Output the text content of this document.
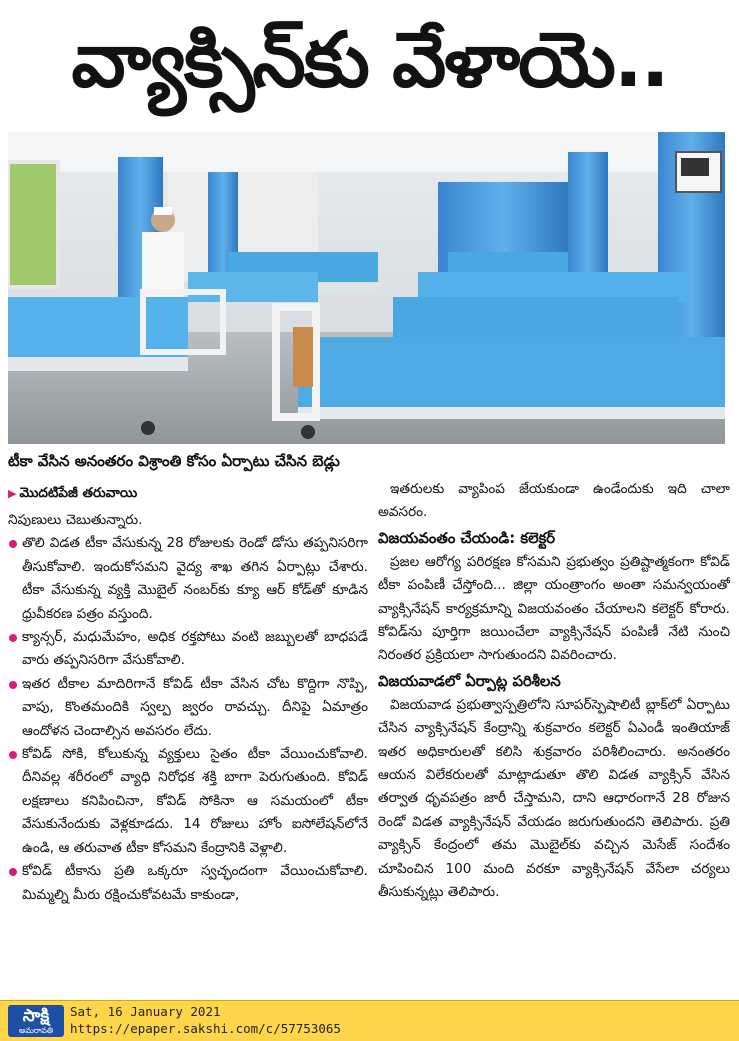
వ్యాక్సిన్‌కు వేళాయె..
టీకా వేసిన అనంతరం విశ్రాంతి కోసం ఏర్పాటు చేసిన బెడ్లు
▶ మొదటిపేజీ తరువాయి
నిపుణులు చెబుతున్నారు.
తొలి విడత టీకా వేసుకున్న 28 రోజులకు రెండో డోసు తప్పనిసరిగా తీసుకోవాలి. ఇందుకోసమని వైద్య శాఖ తగిన ఏర్పాట్లు చేశారు. టీకా వేసుకున్న వ్యక్తి మొబైల్ నంబర్‌కు క్యూ ఆర్ కోడ్‌తో కూడిన ధ్రువీకరణ పత్రం వస్తుంది.
క్యాన్సర్, మధుమేహం, అధిక రక్తపోటు వంటి జబ్బులతో బాధపడే వారు తప్పనిసరిగా వేసుకోవాలి.
ఇతర టీకాల మాదిరిగానే కోవిడ్ టీకా వేసిన చోట కొద్దిగా నొప్పి, వాపు, కొంతమందికి స్వల్ప జ్వరం రావచ్చు. దీనిపై ఏమాత్రం ఆందోళన చెందాల్సిన అవసరం లేదు.
కోవిడ్ సోకి, కోలుకున్న వ్యక్తులు సైతం టీకా వేయించుకోవాలి. దీనివల్ల శరీరంలో వ్యాధి నిరోధక శక్తి బాగా పెరుగుతుంది. కోవిడ్ లక్షణాలు కనిపించినా, కోవిడ్ సోకినా ఆ సమయంలో టీకా వేసుకునేందుకు వెళ్లకూడదు. 14 రోజులు హోం ఐసోలేషన్‌లోనే ఉండి, ఆ తరువాత టీకా కోసమని కేంద్రానికి వెళ్లాలి.
కోవిడ్ టీకాను ప్రతి ఒక్కరూ స్వచ్ఛందంగా వేయించుకోవాలి. మిమ్మల్ని మీరు రక్షించుకోవటమే కాకుండా,
ఇతరులకు వ్యాపింప జేయకుండా ఉండేందుకు ఇది చాలా అవసరం.
విజయవంతం చేయండి: కలెక్టర్
ప్రజల ఆరోగ్య పరిరక్షణ కోసమని ప్రభుత్వం ప్రతిష్టాత్మకంగా కోవిడ్ టీకా పంపిణీ చేస్తోంది... జిల్లా యంత్రాంగం అంతా సమన్వయంతో వ్యాక్సినేషన్ కార్యక్రమాన్ని విజయవంతం చేయాలని కలెక్టర్ కోరారు. కోవిడ్‌ను పూర్తిగా జయించేలా వ్యాక్సినేషన్ పంపిణీ నేటి నుంచి నిరంతర ప్రక్రియలా సాగుతుందని వివరించారు.
విజయవాడలో ఏర్పాట్ల పరిశీలన
విజయవాడ ప్రభుత్వాస్పత్రిలోని సూపర్‌స్పెషాలిటీ బ్లాక్‌లో ఏర్పాటు చేసిన వ్యాక్సినేషన్ కేంద్రాన్ని శుక్రవారం కలెక్టర్ ఏఎండీ ఇంతియాజ్ ఇతర అధికారులతో కలిసి శుక్రవారం పరిశీలించారు. అనంతరం ఆయన విలేకరులతో మాట్లాడుతూ తొలి విడత వ్యాక్సిన్ వేసిన తర్వాత ధృవపత్రం జారీ చేస్తామని, దాని ఆధారంగానే 28 రోజున రెండో విడత వ్యాక్సినేషన్ వేయడం జరుగుతుందని తెలిపారు. ప్రతి వ్యాక్సిన్ కేంద్రంలో తమ మొబైల్‌కు వచ్చిన మెసేజ్ సందేశం చూపించిన 100 మంది వరకూ వ్యాక్సినేషన్ వేసేలా చర్యలు తీసుకున్నట్లు తెలిపారు.
సాక్షి
అమరావతి
Sat, 16 January 2021
https://epaper.sakshi.com/c/57753065
